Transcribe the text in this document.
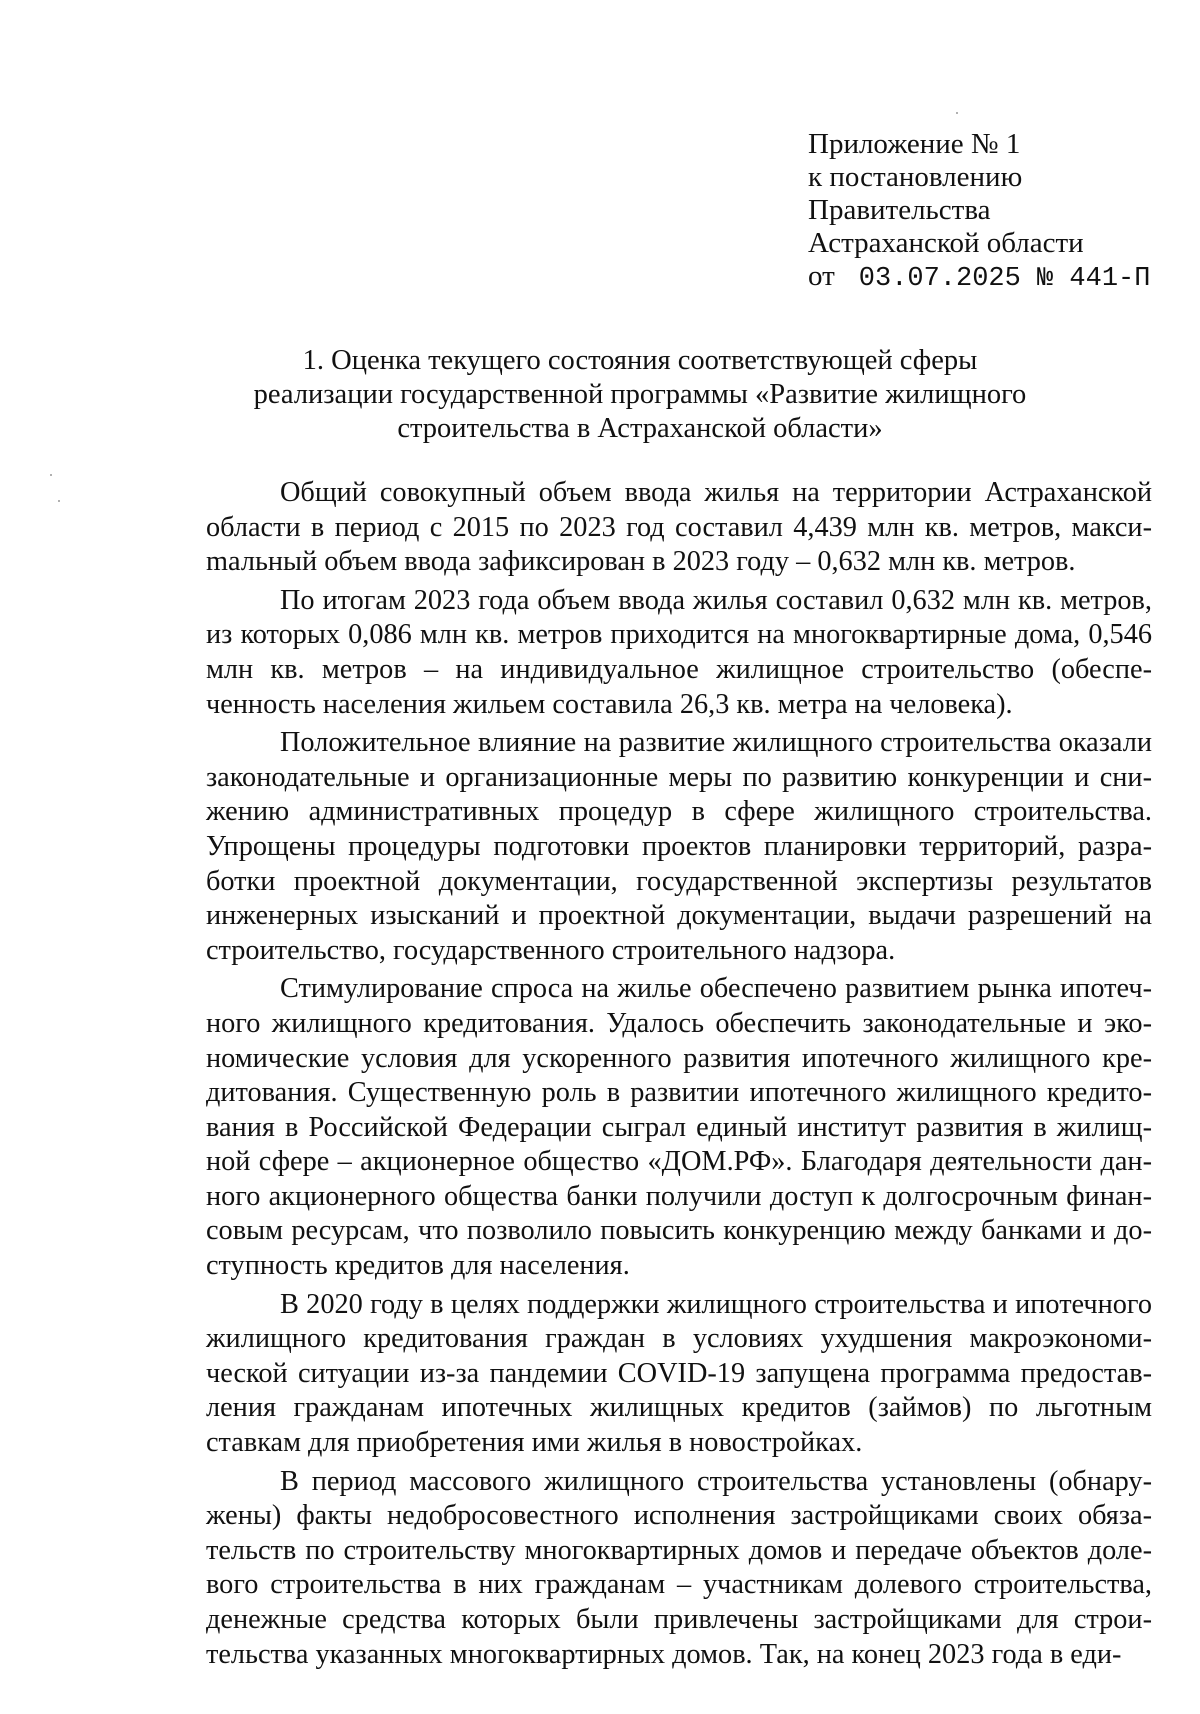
Приложение № 1
к постановлению
Правительства
Астраханской области
от 03.07.2025 № 441-П
1. Оценка текущего состояния соответствующей сферы
реализации государственной программы «Развитие жилищного
строительства в Астраханской области»

Общий совокупный объем ввода жилья на территории Астраханской области в период с 2015 по 2023 год составил 4,439 млн кв. метров, максиmальный объем ввода зафиксирован в 2023 году – 0,632 млн кв. метров.

По итогам 2023 года объем ввода жилья составил 0,632 млн кв. метров, из которых 0,086 млн кв. метров приходится на многоквартирные дома, 0,546 млн кв. метров – на индивидуальное жилищное строительство (обеспеченность населения жильем составила 26,3 кв. метра на человека).

Положительное влияние на развитие жилищного строительства оказали законодательные и организационные меры по развитию конкуренции и снижению административных процедур в сфере жилищного строительства. Упрощены процедуры подготовки проектов планировки территорий, разработки проектной документации, государственной экспертизы результатов инженерных изысканий и проектной документации, выдачи разрешений на строительство, государственного строительного надзора.

Стимулирование спроса на жилье обеспечено развитием рынка ипотечного жилищного кредитования. Удалось обеспечить законодательные и экономические условия для ускоренного развития ипотечного жилищного кредитования. Существенную роль в развитии ипотечного жилищного кредитования в Российской Федерации сыграл единый институт развития в жилищной сфере – акционерное общество «ДОМ.РФ». Благодаря деятельности данного акционерного общества банки получили доступ к долгосрочным финансовым ресурсам, что позволило повысить конкуренцию между банками и доступность кредитов для населения.

В 2020 году в целях поддержки жилищного строительства и ипотечного жилищного кредитования граждан в условиях ухудшения макроэкономической ситуации из-за пандемии COVID-19 запущена программа предоставления гражданам ипотечных жилищных кредитов (займов) по льготным ставкам для приобретения ими жилья в новостройках.

В период массового жилищного строительства установлены (обнаружены) факты недобросовестного исполнения застройщиками своих обязательств по строительству многоквартирных домов и передаче объектов долевого строительства в них гражданам – участникам долевого строительства, денежные средства которых были привлечены застройщиками для строительства указанных многоквартирных домов. Так, на конец 2023 года в еди-
